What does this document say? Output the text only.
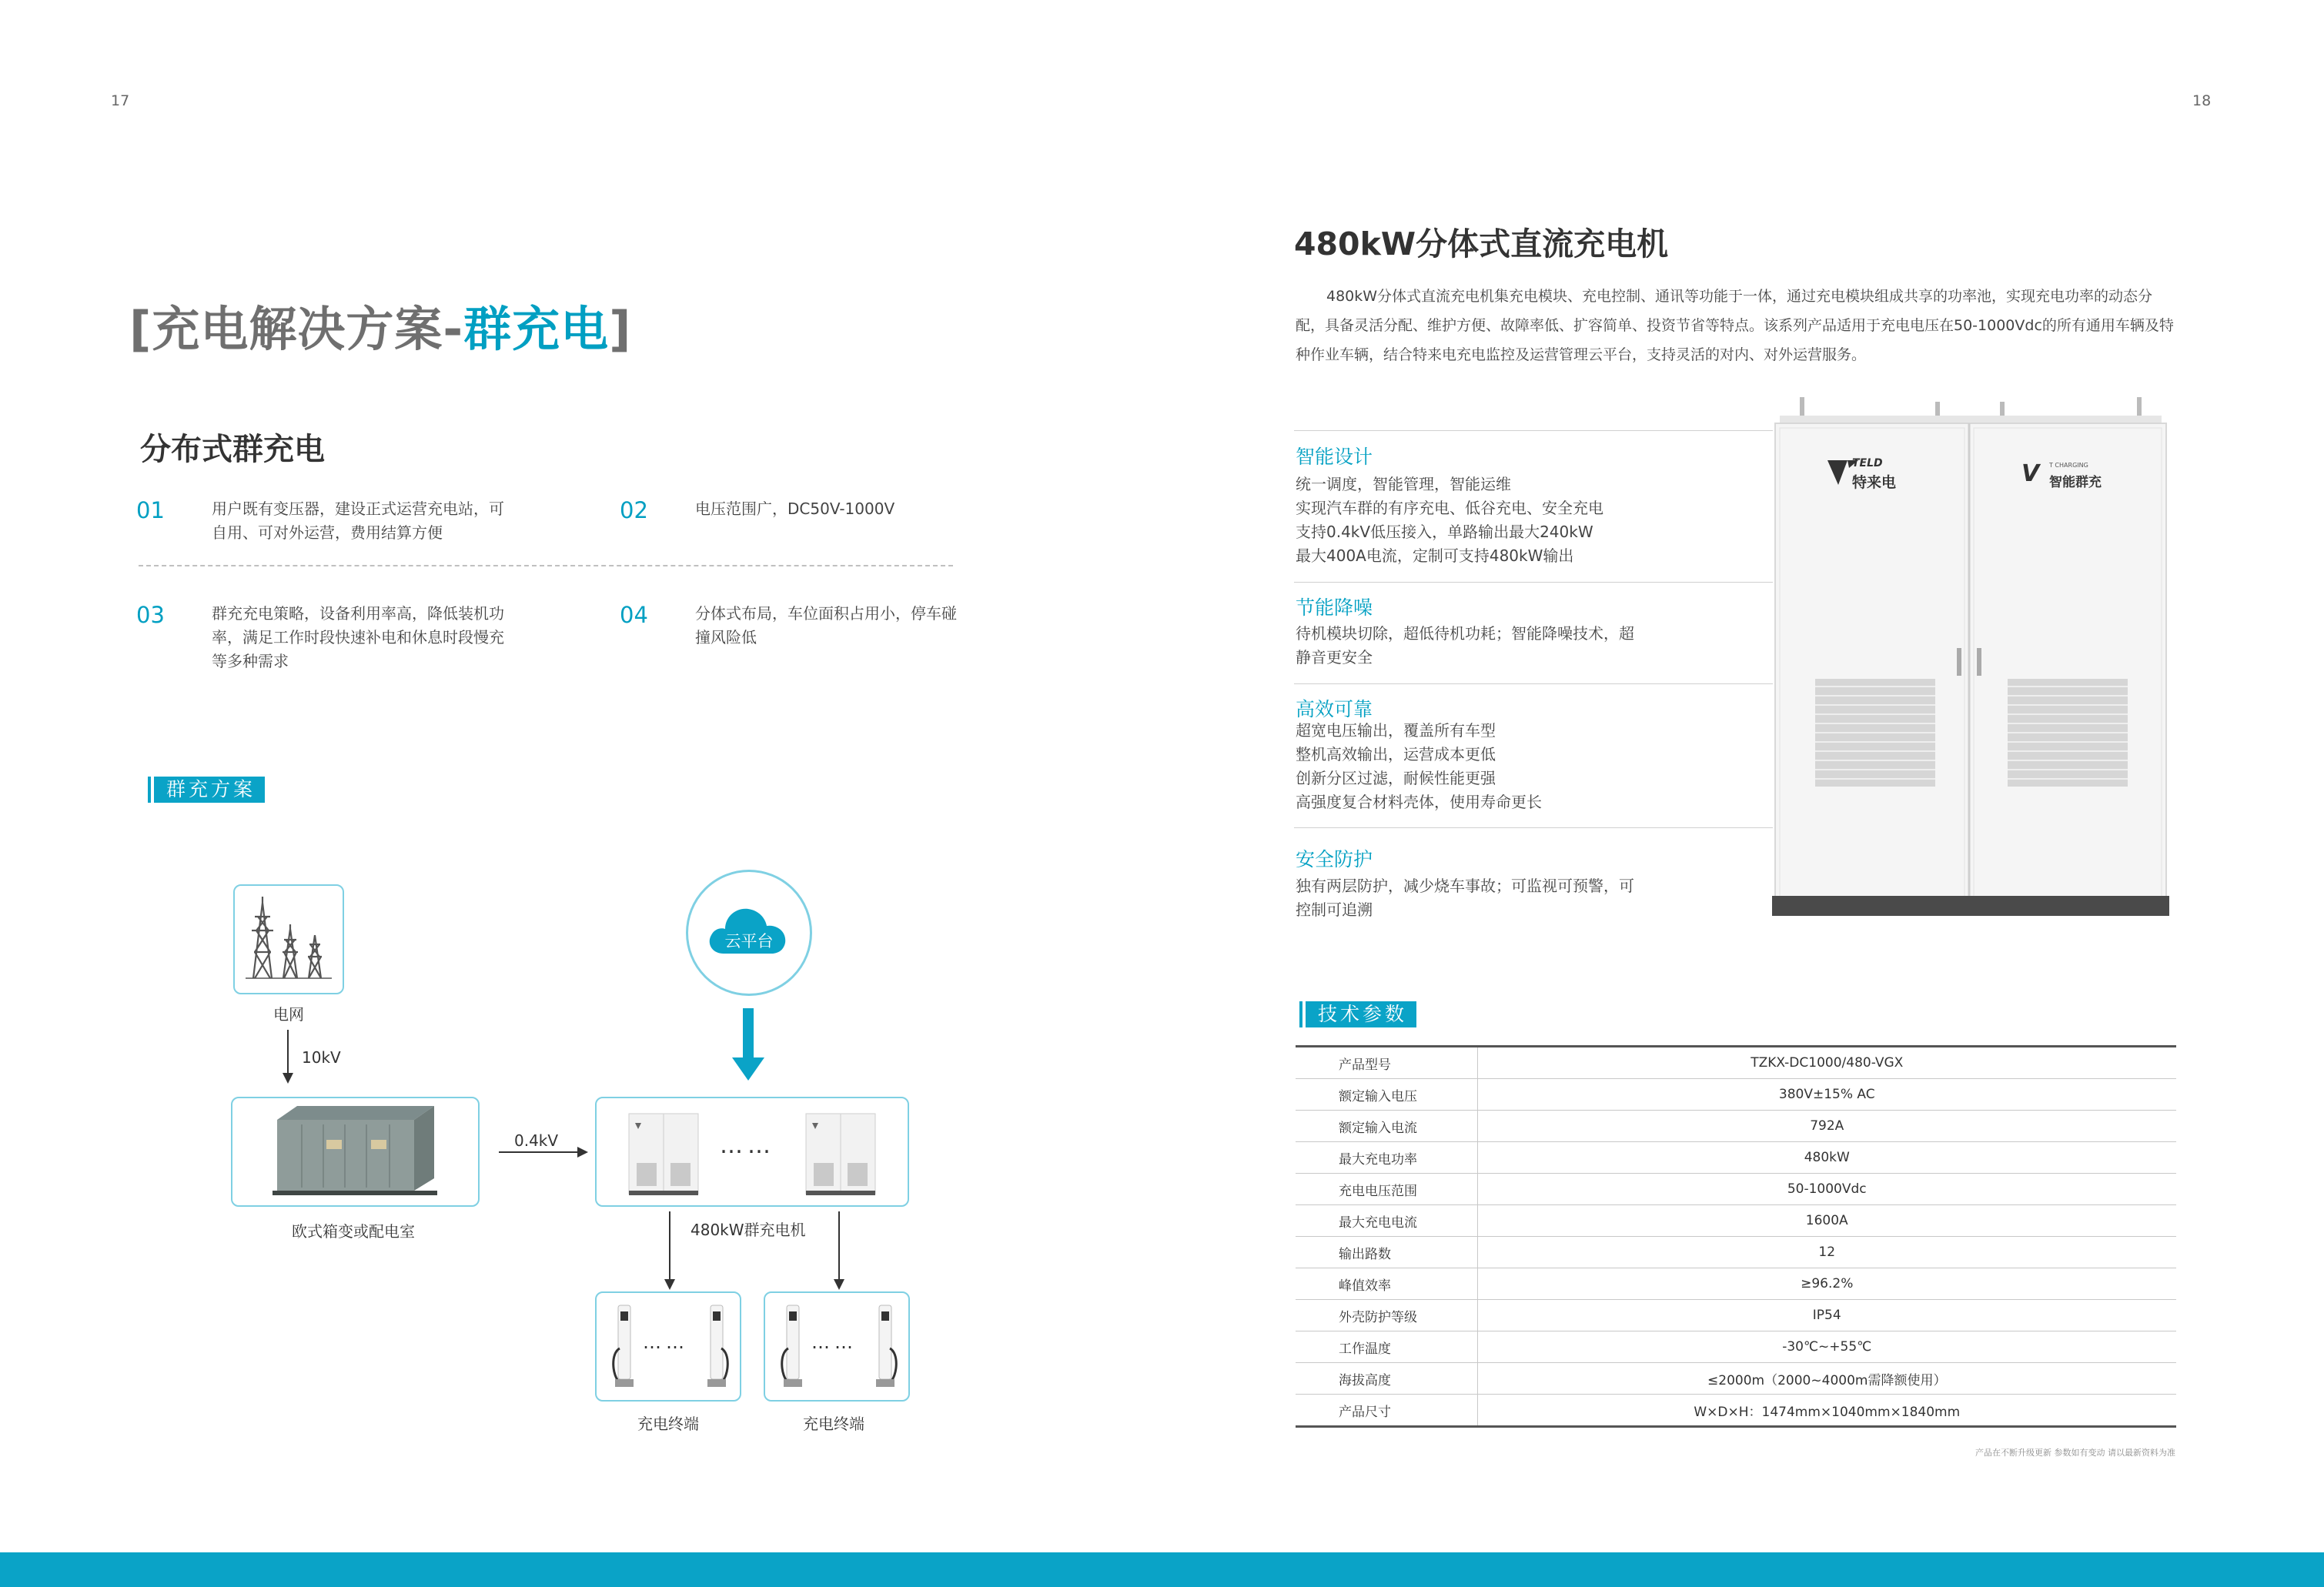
17	18
[充电解决方案-群充电]
分布式群充电
01	用户既有变压器，建设正式运营充电站，可自用、可对外运营，费用结算方便
02	电压范围广，DC50V-1000V
03	群充充电策略，设备利用率高，降低装机功率，满足工作时段快速补电和休息时段慢充等多种需求
04	分体式布局，车位面积占用小，停车碰撞风险低
群充方案
电网
10kV
欧式箱变或配电室
0.4kV
云平台
……
480kW群充电机
……
充电终端
……
充电终端
480kW分体式直流充电机
480kW分体式直流充电机集充电模块、充电控制、通讯等功能于一体，通过充电模块组成共享的功率池，实现充电功率的动态分配，具备灵活分配、维护方便、故障率低、扩容简单、投资节省等特点。该系列产品适用于充电电压在50-1000Vdc的所有通用车辆及特种作业车辆，结合特来电充电监控及运营管理云平台，支持灵活的对内、对外运营服务。
智能设计
统一调度，智能管理，智能运维
实现汽车群的有序充电、低谷充电、安全充电
支持0.4kV低压接入，单路输出最大240kW
最大400A电流，定制可支持480kW输出
节能降噪
待机模块切除，超低待机功耗；智能降噪技术，超
静音更安全
高效可靠
超宽电压输出，覆盖所有车型
整机高效输出，运营成本更低
创新分区过滤，耐候性能更强
高强度复合材料壳体，使用寿命更长
安全防护
独有两层防护，减少烧车事故；可监视可预警，可
控制可追溯
TELD
特来电	V T CHARGING
智能群充
技术参数
产品型号	TZKX-DC1000/480-VGX
额定输入电压	380V±15% AC
额定输入电流	792A
最大充电功率	480kW
充电电压范围	50-1000Vdc
最大充电电流	1600A
输出路数	12
峰值效率	≥96.2%
外壳防护等级	IP54
工作温度	-30℃~+55℃
海拔高度	≤2000m（2000~4000m需降额使用）
产品尺寸	W×D×H：1474mm×1040mm×1840mm
产品在不断升级更新 参数如有变动 请以最新资料为准
